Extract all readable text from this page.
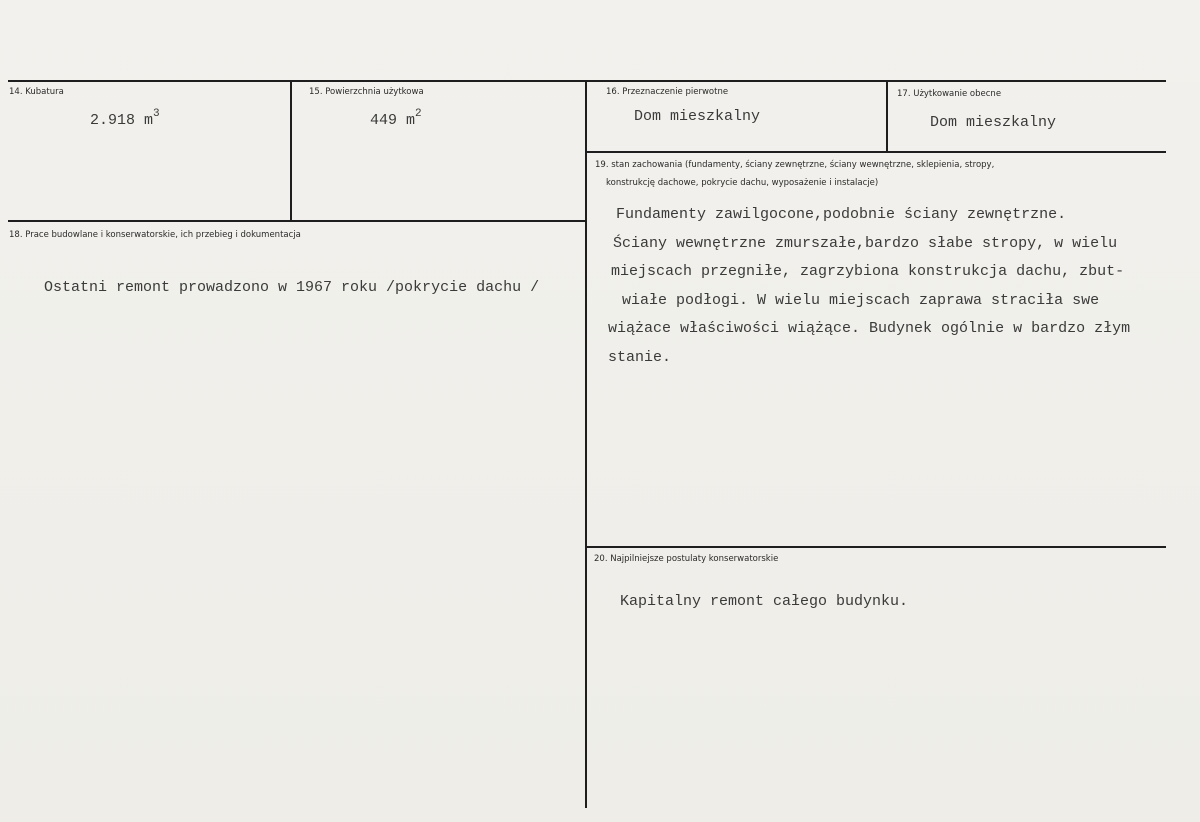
14. Kubatura
2.918 $m^3$
15. Powierzchnia użytkowa
449 $m^2$
16. Przeznaczenie pierwotne
Dom mieszkalny
17. Użytkowanie obecne
Dom mieszkalny
19. stan zachowania (fundamenty, ściany zewnętrzne, ściany wewnętrzne, sklepienia, stropy,
konstrukcję dachowe, pokrycie dachu, wyposażenie i instalacje)
Fundamenty zawilgocone,podobnie ściany zewnętrzne.
Ściany wewnętrzne zmurszałe,bardzo słabe stropy, w wielu
miejscach przegniłe, zagrzybiona konstrukcja dachu, zbut-
wiałe podłogi. W wielu miejscach zaprawa straciła swe
wiążace właściwości wiążące. Budynek ogólnie w bardzo złym
stanie.
18. Prace budowlane i konserwatorskie, ich przebieg i dokumentacja
Ostatni remont prowadzono w 1967 roku /pokrycie dachu /
20. Najpilniejsze postulaty konserwatorskie
Kapitalny remont całego budynku.
